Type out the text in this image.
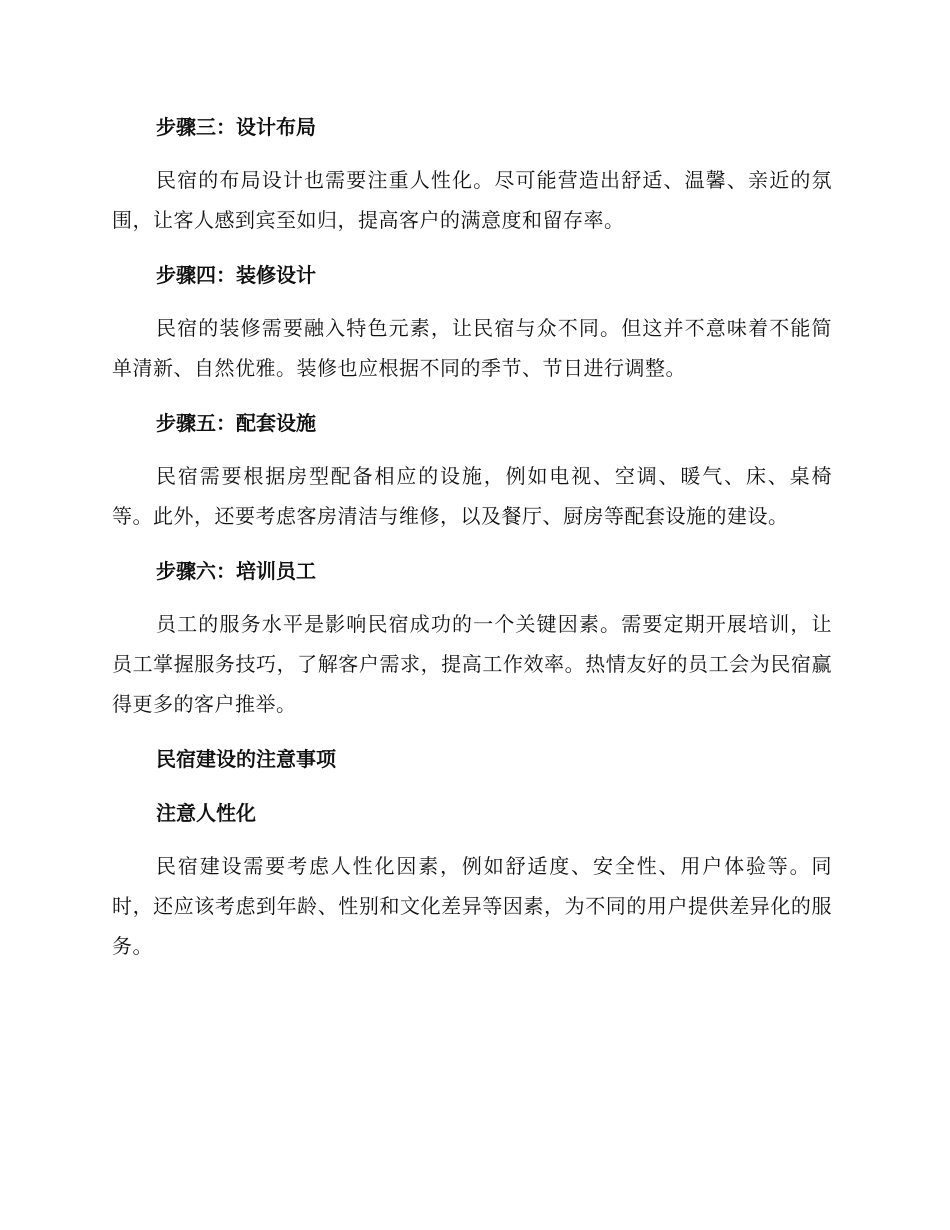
步骤三：设计布局

民宿的布局设计也需要注重人性化。尽可能营造出舒适、温馨、亲近的氛围，让客人感到宾至如归，提高客户的满意度和留存率。

步骤四：装修设计

民宿的装修需要融入特色元素，让民宿与众不同。但这并不意味着不能简单清新、自然优雅。装修也应根据不同的季节、节日进行调整。

步骤五：配套设施

民宿需要根据房型配备相应的设施，例如电视、空调、暖气、床、桌椅等。此外，还要考虑客房清洁与维修，以及餐厅、厨房等配套设施的建设。

步骤六：培训员工

员工的服务水平是影响民宿成功的一个关键因素。需要定期开展培训，让员工掌握服务技巧，了解客户需求，提高工作效率。热情友好的员工会为民宿赢得更多的客户推举。

民宿建设的注意事项
注意人性化

民宿建设需要考虑人性化因素，例如舒适度、安全性、用户体验等。同时，还应该考虑到年龄、性别和文化差异等因素，为不同的用户提供差异化的服务。
